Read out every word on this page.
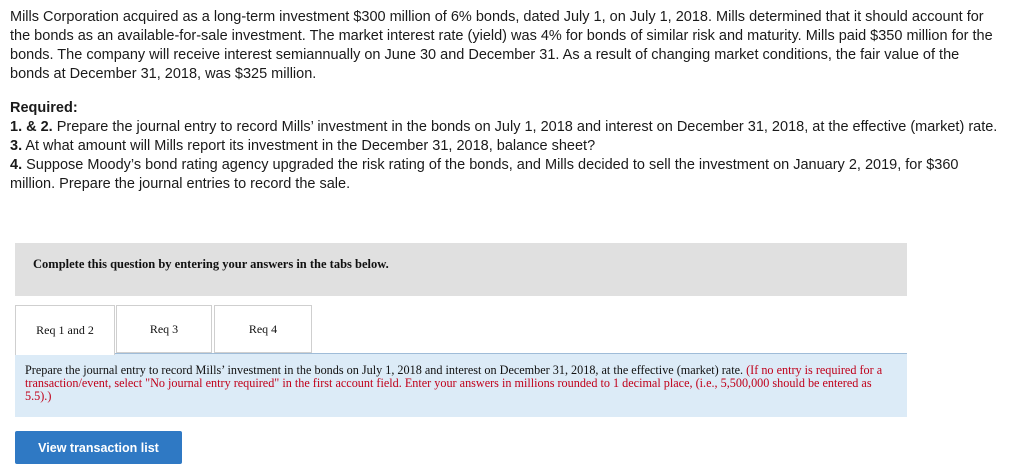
Mills Corporation acquired as a long-term investment $300 million of 6% bonds, dated July 1, on July 1, 2018. Mills determined that it should account for the bonds as an available-for-sale investment. The market interest rate (yield) was 4% for bonds of similar risk and maturity. Mills paid $350 million for the bonds. The company will receive interest semiannually on June 30 and December 31. As a result of changing market conditions, the fair value of the bonds at December 31, 2018, was $325 million.

Required:

1. & 2. Prepare the journal entry to record Mills’ investment in the bonds on July 1, 2018 and interest on December 31, 2018, at the effective (market) rate.

3. At what amount will Mills report its investment in the December 31, 2018, balance sheet?

4. Suppose Moody’s bond rating agency upgraded the risk rating of the bonds, and Mills decided to sell the investment on January 2, 2019, for $360 million. Prepare the journal entries to record the sale.

Complete this question by entering your answers in the tabs below.
Req 1 and 2	Req 3	Req 4
Prepare the journal entry to record Mills’ investment in the bonds on July 1, 2018 and interest on December 31, 2018, at the effective (market) rate. (If no entry is required for a transaction/event, select "No journal entry required" in the first account field. Enter your answers in millions rounded to 1 decimal place, (i.e., 5,500,000 should be entered as 5.5).)
View transaction list
